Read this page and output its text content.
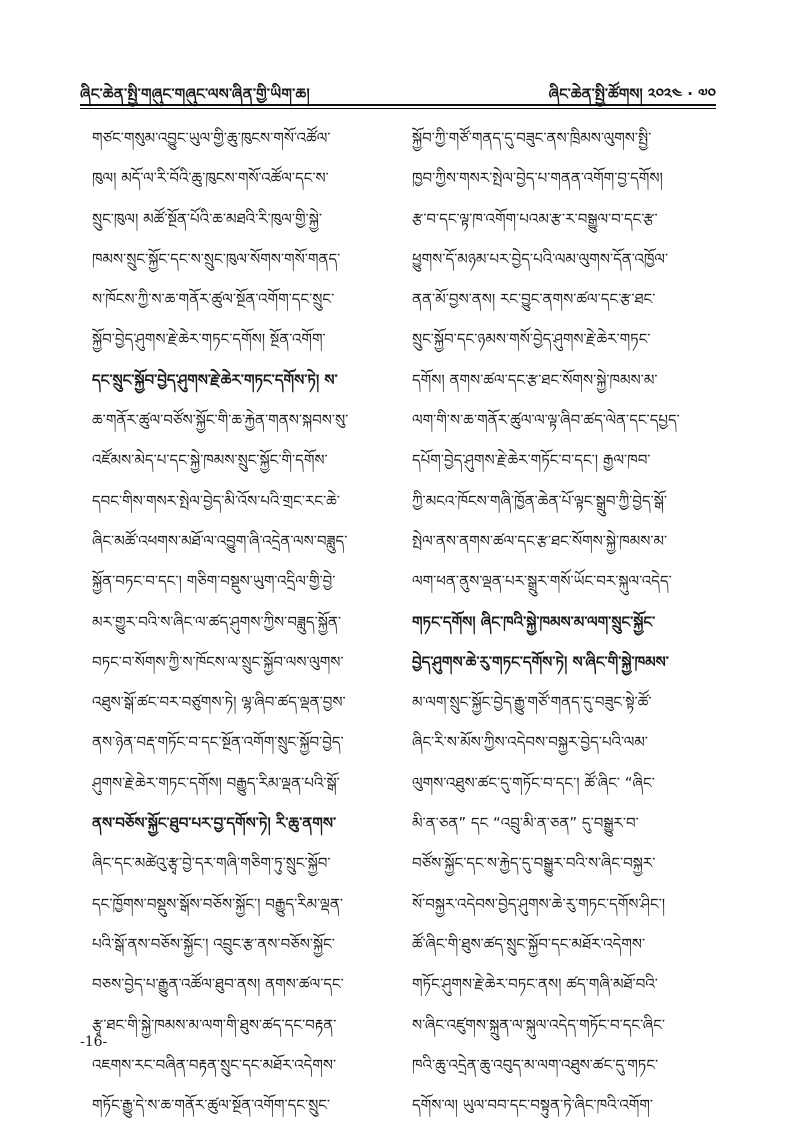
ཞིང་ཆེན་སྤྱི་གཞུང་གཞུང་ལས་ཞིན་གྱི་ཡིག་ཆ།	ཞིང་ཆེན་སྤྱི་ཚོགས། ༢༠༢༤ · ༧༠
གཙང་གསུམ་འབྱུང་ཡུལ་གྱི་ཆུ་ཁུངས་གསོ་འཚོལ་
ཁུལ། མདོ་ལ་རི་བོའི་ཆུ་ཁུངས་གསོ་འཚོལ་དང་ས་
སྲུང་ཁུལ། མཚོ་སྔོན་པོའི་ཆ་མཐའི་རི་ཁུལ་གྱི་སྐྱེ་
ཁམས་སྲུང་སྐྱོང་དང་ས་སྲུང་ཁུལ་སོགས་གསོ་གནད་
ས་ཁོངས་ཀྱི་ས་ཆ་གནོར་ཚུལ་སྔོན་འགོག་དང་སྲུང་
སྐྱོབ་བྱེད་ཤུགས་རྗེ་ཆེར་གཏང་དགོས། སྔོན་འགོག་
དང་སྲུང་སྐྱོབ་བྱེད་ཤུགས་རྗེ་ཆེར་གཏང་དགོས་ཏེ། ས་
ཆ་གནོར་ཚུལ་བཙོས་སྐྱོང་གི་ཆ་རྐྱེན་གནས་སྐབས་སུ་
འཛོམས་མེད་པ་དང་སྐྱེ་ཁམས་སྲུང་སྐྱོང་གི་དགོས་
དབང་གིས་གསར་སྤེལ་བྱེད་མི་འོས་པའི་གྲང་རང་ཆེ་
ཞིང་མཚོ་འཕགས་མཐོ་ལ་འབྱུག་ཞི་འདྲེན་ལས་བཟླུད་
སྐྱོན་བཏང་བ་དང་། གཅིག་བསྡུས་ཡུག་འདྲིལ་གྱི་བྱེ་
མར་གྱུར་བའི་ས་ཞིང་ལ་ཚད་ཤུགས་ཀྱིས་བཟླུད་སྐྱོན་
བཏང་བ་སོགས་ཀྱི་ས་ཁོངས་ལ་སྲུང་སྐྱོབ་ལས་ལུགས་
འཐུས་སྒོ་ཚང་བར་བཙུགས་ཏེ། ལྷ་ཞིབ་ཚད་ལྡན་བྱས་
ནས་ཉེན་བརྡ་གཏོང་བ་དང་སྔོན་འགོག་སྲུང་སྐྱོབ་བྱེད་
ཤུགས་རྗེ་ཆེར་གཏང་དགོས། བརྒྱུད་རིམ་ལྡན་པའི་སྒོ་
ནས་བཅོས་སྐྱོང་ཐུབ་པར་བྱ་དགོས་ཏེ། རི་ཆུ་ནགས་
ཞིང་དང་མཚེའུ་རྩྭ་བྱེ་དར་གཞི་གཅིག་ཏུ་སྲུང་སྐྱོབ་
དང་ཁྱོགས་བསྡུས་སྒོས་བཅོས་སྐྱོང་། བརྒྱུད་རིམ་ལྡན་
པའི་སྒོ་ནས་བཅོས་སྐྱོང་། འབྲུང་རྩ་ནས་བཅོས་སྐྱོང་
བཅས་བྱེད་པ་རྒྱུན་འཚོལ་ཐུབ་ནས། ནགས་ཚལ་དང་
རྩྭ་ཐང་གི་སྐྱེ་ཁམས་མ་ལག་གི་ཐུས་ཚད་དང་བརྟན་
འཇགས་རང་བཞིན་བརྟན་སྲུང་དང་མཐོར་འདེགས་
གཏོང་རྒྱུ་དེ་ས་ཆ་གནོར་ཚུལ་སྔོན་འགོག་དང་སྲུང་
སྐྱོབ་ཀྱི་གཙོ་གནད་དུ་བཟུང་ནས་ཁྲིམས་ལུགས་སྤྱི་
ཁྱབ་ཀྱིས་གསར་སྤེལ་བྱེད་པ་གནན་འགོག་བྱ་དགོས།
རྩ་བ་དང་ལྟ་ཁ་འགོག་པའམ་རྩ་ར་བསྒྱུལ་བ་དང་རྩ་
ཕྱུགས་དོ་མཉམ་པར་བྱེད་པའི་ལམ་ལུགས་དོན་འཁྱོལ་
ནན་མོ་བྱས་ནས། རང་བྱུང་ནགས་ཚལ་དང་རྩ་ཐང་
སྲུང་སྐྱོབ་དང་ཉམས་གསོ་བྱེད་ཤུགས་རྗེ་ཆེར་གཏང་
དགོས། ནགས་ཚལ་དང་རྩ་ཐང་སོགས་སྐྱེ་ཁམས་མ་
ལག་གི་ས་ཆ་གནོར་ཚུལ་ལ་ལྟ་ཞིབ་ཚད་ལེན་དང་དཔྱད་
དཔོག་བྱེད་ཤུགས་རྗེ་ཆེར་གཏོང་བ་དང་། རྒྱལ་ཁབ་
ཀྱི་མངའ་ཁོངས་གཞི་ཁྱོན་ཆེན་པོ་ལྟང་སྒྲུབ་ཀྱི་བྱེད་སྒོ་
སྤེལ་ནས་ནགས་ཚལ་དང་རྩ་ཐང་སོགས་སྐྱེ་ཁམས་མ་
ལག་ཕན་ནུས་ལྡན་པར་སྒྲུར་གསོ་ཡོང་བར་སྐུལ་འདེད་
གཏང་དགོས། ཞིང་ཁའི་སྐྱེ་ཁམས་མ་ལག་སྲུང་སྐྱོང་
བྱེད་ཤུགས་ཆེ་རུ་གཏང་དགོས་ཏེ། ས་ཞིང་གི་སྐྱེ་ཁམས་
མ་ལག་སྲུང་སྐྱོང་བྱེད་རྒྱུ་གཙོ་གནད་དུ་བཟུང་སྟེ་ཚོ་
ཞིང་རི་ས་མོས་ཀྱིས་འདེབས་བསྐྱར་བྱེད་པའི་ལམ་
ལུགས་འཐུས་ཚང་དུ་གཏོང་བ་དང་། ཚོ་ཞིང་ “ཞིང་
མི་ན་ཅན” དང “འབྲུ་མི་ན་ཅན” དུ་བསྒྱུར་བ་
བཙོས་སྐྱོང་དང་ས་རྐྱེད་དུ་བསྒྱུར་བའི་ས་ཞིང་བསྐྱར་
སོ་བསྐྱར་འདེབས་བྱེད་ཤུགས་ཆེ་རུ་གཏང་དགོས་ཤིང་།
ཚོ་ཞིང་གི་ཐུས་ཚད་སྲུང་སྐྱོབ་དང་མཐོར་འདེགས་
གཏོང་ཤུགས་རྗེ་ཆེར་བཏང་ནས། ཚད་གཞི་མཐོ་བའི་
ས་ཞིང་འཛུགས་སྐྲུན་ལ་སྐུལ་འདེད་གཏོང་བ་དང་ཞིང་
ཁའི་ཆུ་འདྲེན་ཆུ་འབུད་མ་ལག་འཐུས་ཚང་དུ་གཏང་
དགོས་ལ། ཡུལ་བབ་དང་བསྟུན་ཏེ་ཞིང་ཁའི་འགོག་
-16-
